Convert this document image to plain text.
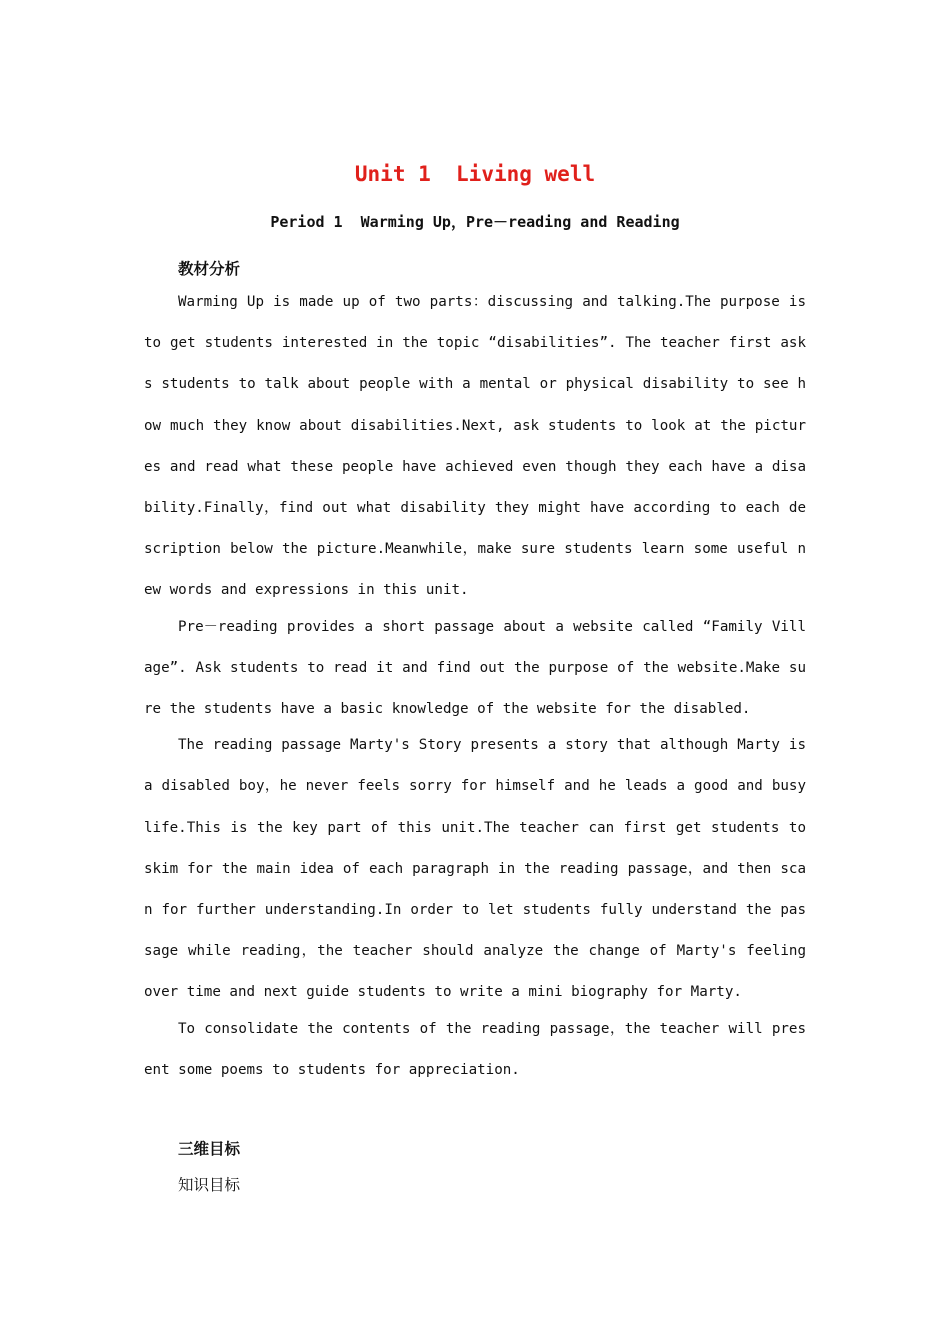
Unit 1  Living well
Period 1  Warming Up，Pre－reading and Reading
教材分析

Warming Up is made up of two parts：discussing and talking.The purpose is to get students interested in the topic “disabilities”. The teacher first asks students to talk about people with a mental or physical disability to see how much they know about disabilities.Next, ask students to look at the pictures and read what these people have achieved even though they each have a disability.Finally，find out what disability they might have according to each description below the picture.Meanwhile，make sure students learn some useful new words and expressions in this unit.

Pre－reading provides a short passage about a website called “Family Village”. Ask students to read it and find out the purpose of the website.Make sure the students have a basic knowledge of the website for the disabled.

The reading passage Marty's Story presents a story that although Marty is a disabled boy，he never feels sorry for himself and he leads a good and busy life.This is the key part of this unit.The teacher can first get students to skim for the main idea of each paragraph in the reading passage，and then scan for further understanding.In order to let students fully understand the passage while reading，the teacher should analyze the change of Marty's feeling over time and next guide students to write a mini biography for Marty.

To consolidate the contents of the reading passage，the teacher will present some poems to students for appreciation.

三维目标
知识目标
